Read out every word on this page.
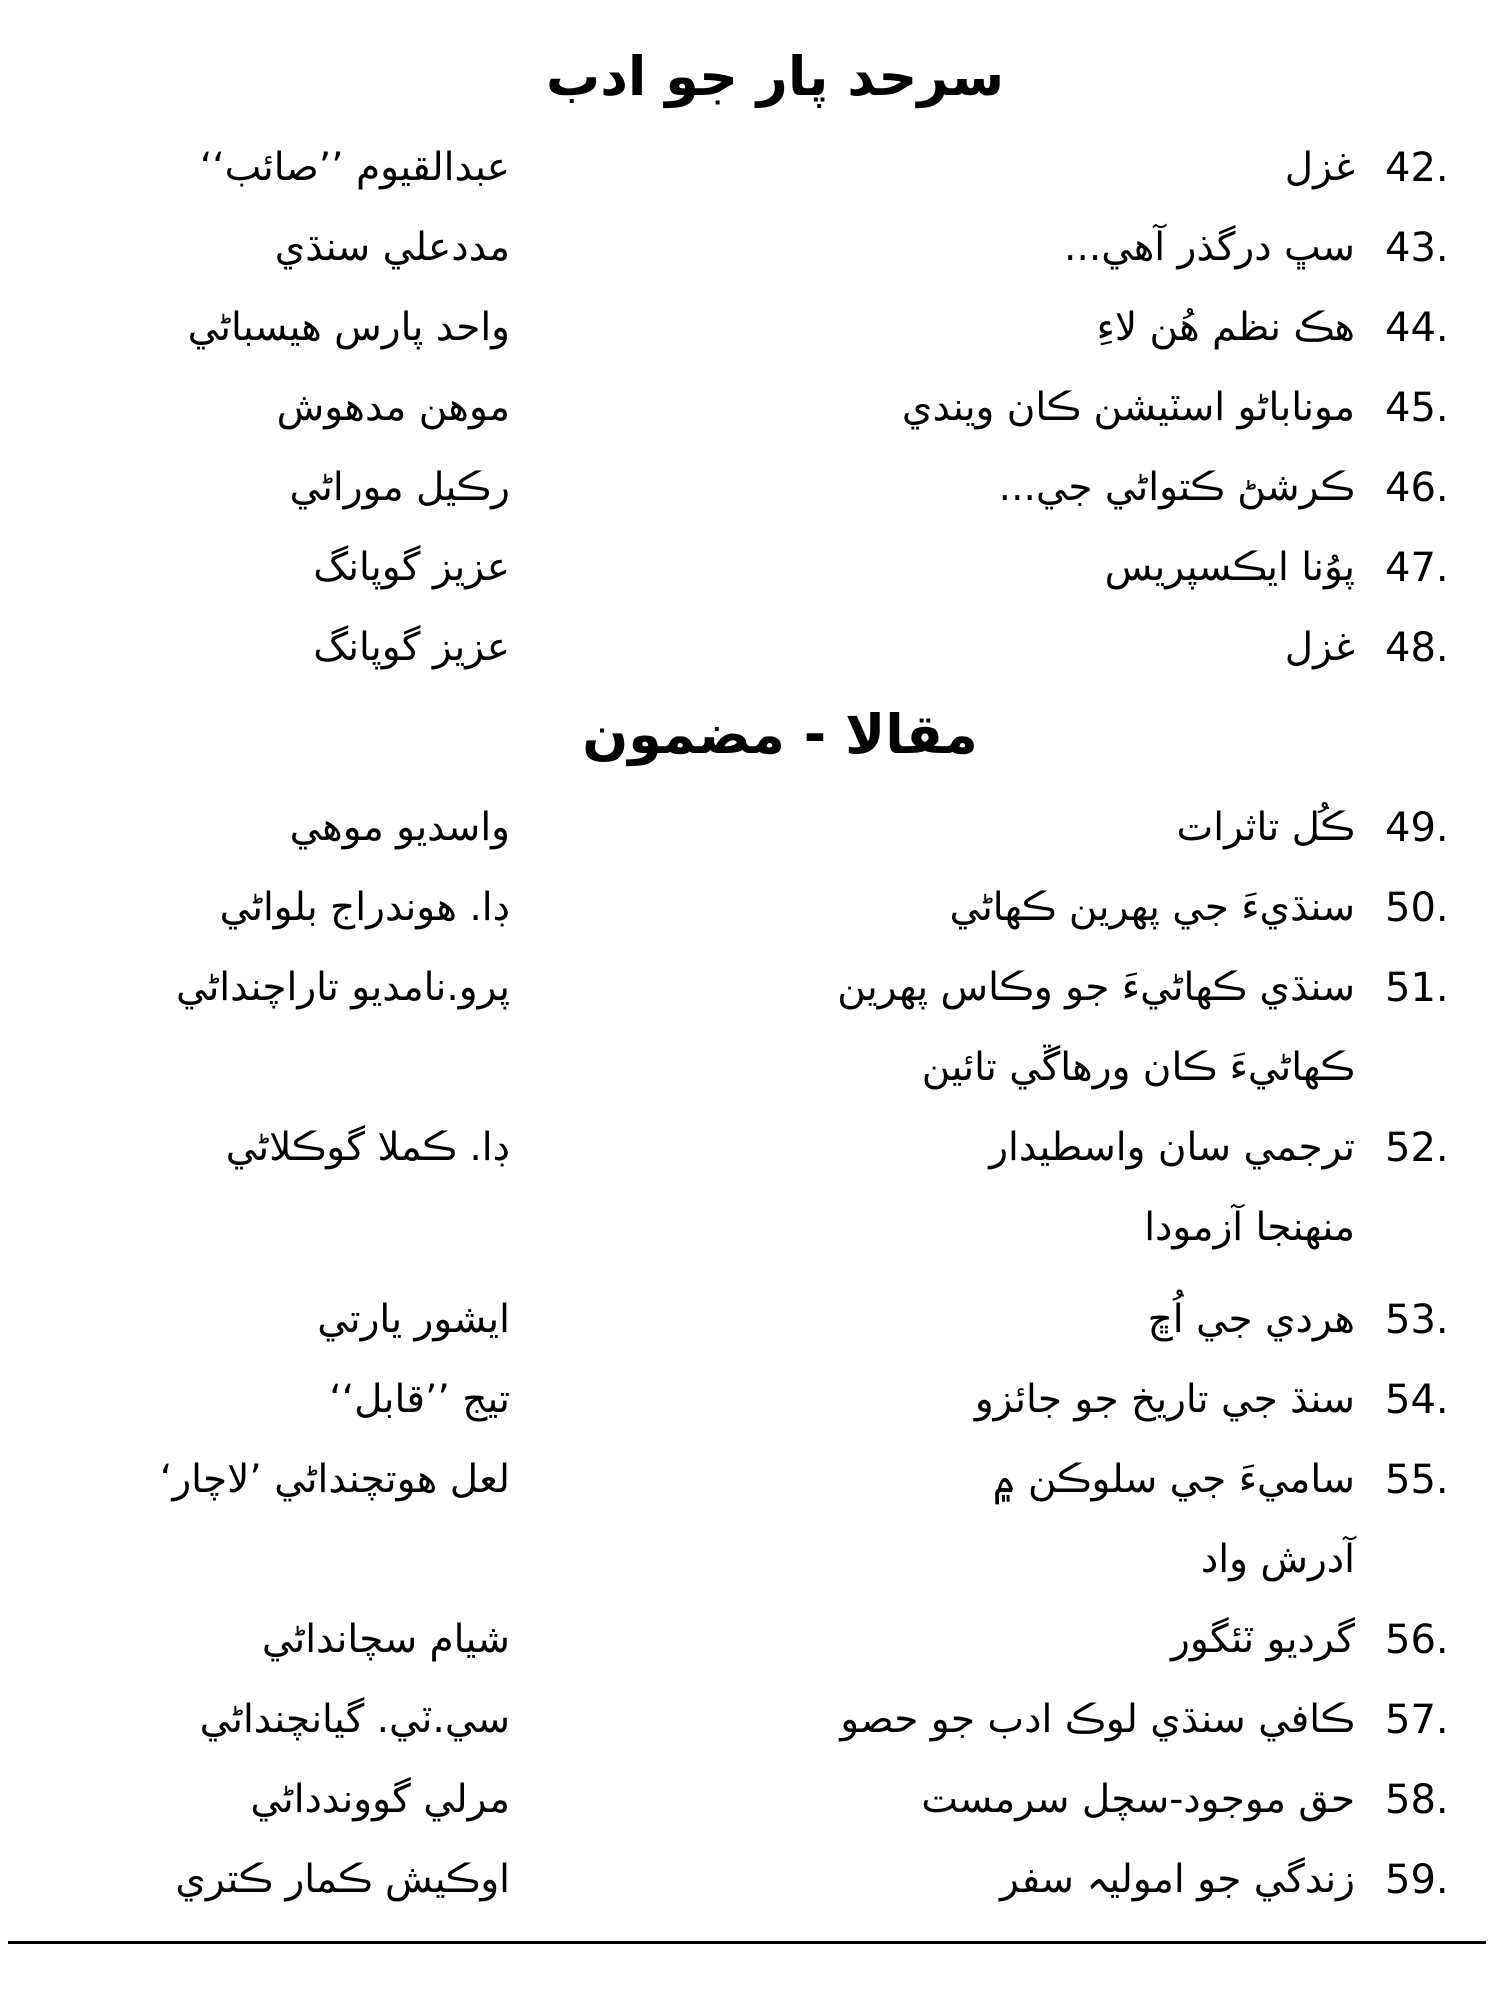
سرحد پار جو ادب
42.
غزل
عبدالقيوم ’’صائب‘‘
43.
سڀ درگذر آهي...
مددعلي سنڌي
44.
هڪ نظم ھُن لاءِ
واحد پارس هيسباڻي
45.
موناباڻو اسٽيشن ڪان ويندي
موهن مدهوش
46.
ڪرشڻ ڪتواڻي جي...
رڪيل موراڻي
47.
پوُنا ايڪسپريس
عزيز گوپانگ
48.
غزل
عزيز گوپانگ
مقالا - مضمون
49.
ڪُل تاثرات
واسديو موهي
50.
سنڌيءَ جي پهرين ڪهاڻي
ڊا. هوندراج بلواڻي
51.
سنڌي ڪهاڻيءَ جو وڪاس پهرين
پرو.نامديو تاراچنداڻي
ڪهاڻيءَ ڪان ورهاڱي تائين
52.
ترجمي سان واسطيدار
ڊا. ڪملا گوڪلاڻي
منهنجا آزمودا
53.
هردي جي اُڇ
ايشور يارتي
54.
سنڌ جي تاريخ جو جائزو
تيج ’’قابل‘‘
55.
ساميءَ جي سلوڪن ۾
لعل هوتچنداڻي ’لاچار‘
آدرش واد
56.
گرديو ٽئگور
شيام سچانداڻي
57.
ڪافي سنڌي لوڪ ادب جو حصو
سي.ٽي. گيانچنداڻي
58.
حق موجود-سچل سرمست
مرلي گووندداڻي
59.
زندگي جو اموليہ سفر
اوڪيش ڪمار ڪتري
